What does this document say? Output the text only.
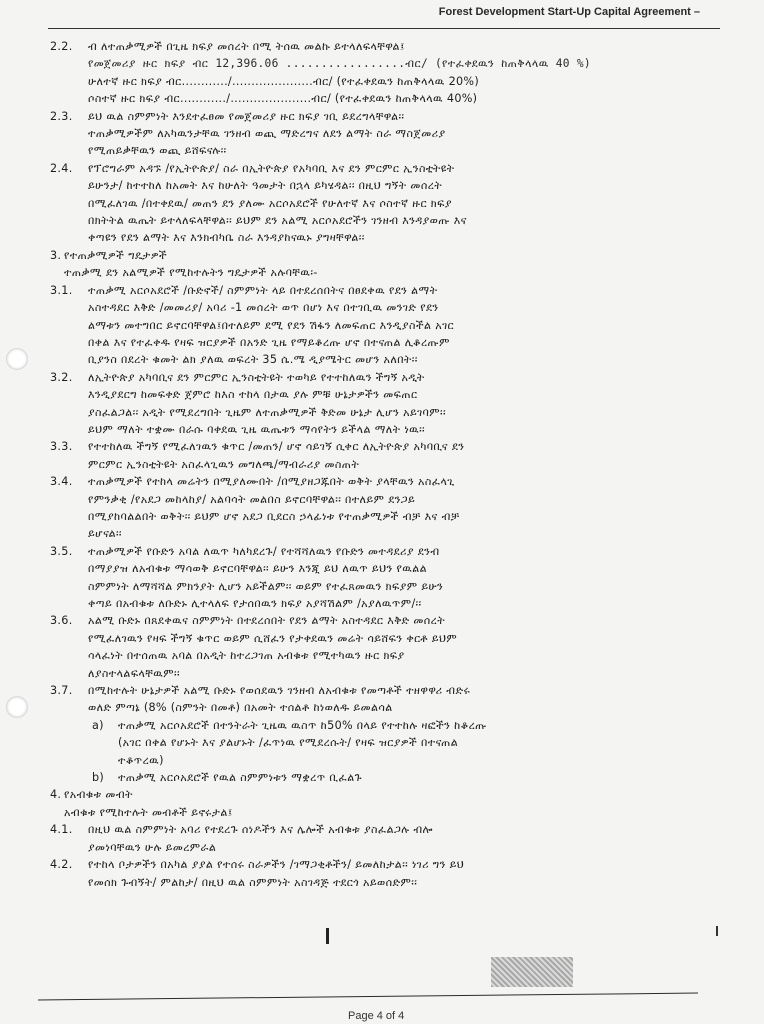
Forest Development Start-Up Capital Agreement –
2.2. ብ ለተጠቃሚዎች በጊዜ ክፍያ መሰረት በሚ ትሰዉ መልኩ ይተላለፍላቸዋል፤
የመጀመሪያ ዙር ክፍያ ብር 12,396.06 .................ብር/ (የተፈቀደዉን ከጠቅላላዉ 40 %)
ሁለተኛ ዙር ክፍያ ብር............/.....................ብር/ (የተፈቀደዉን ከጠቅላላዉ 20%)
ሶስተኛ ዙር ክፍያ ብር............/.....................ብር/ (የተፈቀደዉን ከጠቅላላዉ 40%)
2.3. ይህ ዉል ስምምነት እንደተፈፀመ የመጀመሪያ ዙር ክፍያ ገቢ ይደረግላቸዋል፡፡
ተጠቃሚዎችም ለአካዉንታቸዉ ገንዘብ ወጪ ማድረግና ለደን ልማት ስራ ማስጀመሪያ
የሚጠይቃቸዉን ወጪ ይሸፍናሉ፡፡
2.4. የፕሮግራም አዳኙ /የኢትዮጵያ/ ስራ በኢትዮጵያ የአካባቢ እና ደን ምርምር ኢንስቲትዩት
ይሁንታ/ ከተተከለ ከአመት እና ከሁለት ዓመታት በኋላ ይካሄዳል፡፡ በዚህ ግኝት መሰረት
በሚፈለገዉ /በተቀደዉ/ መጠን ደን ያለሙ አርሶአደሮች የሁለተኛ እና ሶስተኛ ዙር ክፍያ
በክትትል ዉጤት ይተላለፍላቸዋል፡፡ ይህም ደን አልሚ አርሶአደሮችን ገንዘብ እንዳያወጡ እና
ቀጣዩን የደን ልማት እና እንክብካቤ ስራ እንዳያከናዉኑ ያግዛቸዋል፡፡
3. የተጠቃሚዎች ግዴታዎች
ተጠቃሚ ደን አልሚዎች የሚከተሉትን ግዴታዎች አሉባቸዉ፡-
3.1. ተጠቃሚ አርሶአደሮች /ቡድኖች/ ስምምነት ላይ በተደረሰበትና በፀደቀዉ የደን ልማት
አስተዳደር እቅድ /መመሪያ/ አባሪ -1 መሰረት ወጥ በሆነ እና በተገቢዉ መንገድ የደን
ልማቱን መተግበር ይኖርባቸዋል፤በተለይም ደሚ የደን ሽፋን ለመፍጠር እንዲያስችል አገር
በቀል እና የተፈቀዱ የዛፍ ዝርያዎች በአንድ ጊዜ የማይቆረጡ ሆኖ በተናጠል ሊቆረጡም
ቢያንስ በደረት ቁመት ልክ ያለዉ ወፍረት 35 ሴ.ሜ ዲያሜትር መሆን አለበት፡፡
3.2. ለኢትዮጵያ አካባቢና ደን ምርምር ኢንስቲትዩት ተወካይ የተተከለዉን ችግኝ አዲት
እንዲያደርግ ከመፍቀድ ጀምሮ ከእስ ተከላ በታዉ ያሉ ምቹ ሁኔታዎችን መፍጠር
ያስፈልጋል፡፡ አዲት የሚደረግበት ጊዜም ለተጠቃሚዎች ቅድመ ሁኔታ ሊሆን አይገባም፡፡
ይህም ማለት ተቋሙ በራሱ ባቀደዉ ጊዜ ዉጤቱን ማሳየትን ይችላል ማለት ነዉ፡፡
3.3. የተተከለዉ ችግኝ የሚፈለገዉን ቁጥር /መጠን/ ሆኖ ሳይገኝ ሲቀር ለኢትዮጵያ አካባቢና ደን
ምርምር ኢንስቲትዩት አስፈላጊዉን መግለጫ/ማብራሪያ መስጠት
3.4. ተጠቃሚዎች የተከላ መሬትን በሚያለሙበት /በሚያዘጋጁበት ወቅት ያላቸዉን አስፈላጊ
የምንቃቂ /የአደጋ መከላከያ/ አልባሳት መልበስ ይኖርባቸዋል፡፡ በተለይም ደንጋይ
በሚያከባልልበት ወቅት፡፡ ይህም ሆኖ አደጋ ቢደርስ ኃላፊነቱ የተጠቃሚዎች ብቻ እና ብቻ
ይሆናል፡፡
3.5. ተጠቃሚዎች የቡድን አባል ለዉጥ ካለካደረጉ/ የተሻሻለዉን የቡድን መተዳደሪያ ደንብ
በማያያዝ ለአብቁቱ ማሳወቅ ይኖርባቸዋል፡፡ ይሁን እንጂ ይህ ለዉጥ ይህን የዉልል
ስምምነት ለማሻሻል ምክንያት ሊሆን አይችልም፡፡ ወይም የተፈጸመዉን ክፍያም ይሁን
ቀጣይ በአብቁቱ ለቡድኑ ሊተላለፍ የታሰበዉን ክፍያ አያሻሽልም /አያለዉጥም/፡፡
3.6. አልሚ ቡድኑ በጸደቀዉና ስምምነት በተደረሰበት የደን ልማት አስተዳደር እቅድ መሰረት
የሚፈለገዉን የዛፍ ችግኝ ቁጥር ወይም ሲሸፈን የታቀደዉን መሬት ሳይሸፍን ቀርቶ ይህም
ሳላፈነት በተሰጠዉ አባል በአዲት ከተረጋገጠ አብቁቱ የሚተካዉን ዙር ክፍያ
ለያስተላልፍላቸዉም፡፡
3.7. በሚከተሉት ሁኔታዎች አልሚ ቡድኑ የወሰደዉን ገንዘብ ለአብቁቱ የመጣቶች ተዘዋዋሪ ብድሩ
ወለድ ምጣኔ (8% (ስምንት በመቶ) በአመት ተሰልቶ ከነወለዱ ይመልሳል
a) ተጠቃሚ አርሶአደሮች በተንትራት ጊዜዉ ዉስጥ ከ50% በላይ የተተከሉ ዛፎችን ከቆረጡ
(አገር በቀል የሆኑት እና ያልሆኑት /ፈጥነዉ የሚደረሱት/ የዛፍ ዝርያዎች በተናጠል
ተቆጥረዉ)
b) ተጠቃሚ አርሶአደሮች የዉል ስምምነቱን ማቋረጥ ቢፈልጉ
4. የአብቁቱ መብት
አብቁቱ የሚከተሉት መብቶች ይኖሩታል፤
4.1. በዚህ ዉል ስምምነት አባሪ የተደረጉ ሰነዶችን እና ሌሎች አብቁቱ ያስፈልጋሉ ብሎ
ያመነባቸዉን ሁሉ ይመረምራል
4.2. የተከላ ቦታዎችን በአካል ያያል የተሰሩ ስራዎችን /ገማጋቂቶችን/ ይመለከታል፡፡ ነገሪ ግን ይህ
የመሰክ ጉብኝት/ ምልከታ/ በዚህ ዉል ስምምነት አስገዳጅ ተደርጎ አይወሰድም፡፡
Page 4 of 4
